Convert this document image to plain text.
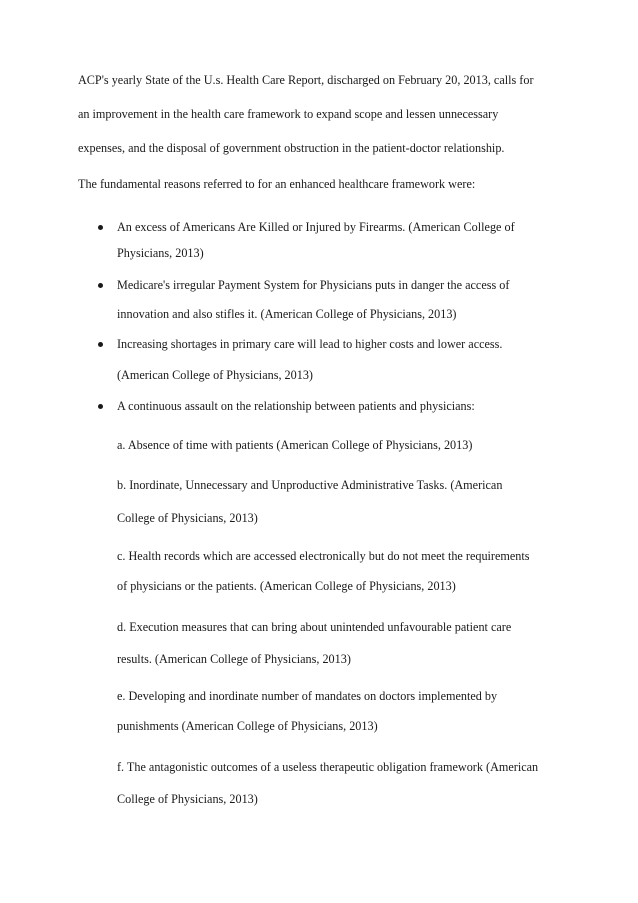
ACP's yearly State of the U.s. Health Care Report, discharged on February 20, 2013, calls for
an improvement in the health care framework to expand scope and lessen unnecessary
expenses, and the disposal of government obstruction in the patient-doctor relationship.
The fundamental reasons referred to for an enhanced healthcare framework were:
An excess of Americans Are Killed or Injured by Firearms. (American College of
Physicians, 2013)
Medicare's irregular Payment System for Physicians puts in danger the access of
innovation and also stifles it. (American College of Physicians, 2013)
Increasing shortages in primary care will lead to higher costs and lower access.
(American College of Physicians, 2013)
A continuous assault on the relationship between patients and physicians:
a. Absence of time with patients (American College of Physicians, 2013)
b. Inordinate, Unnecessary and Unproductive Administrative Tasks. (American
College of Physicians, 2013)
c. Health records which are accessed electronically but do not meet the requirements
of physicians or the patients. (American College of Physicians, 2013)
d. Execution measures that can bring about unintended unfavourable patient care
results. (American College of Physicians, 2013)
e. Developing and inordinate number of mandates on doctors implemented by
punishments (American College of Physicians, 2013)
f. The antagonistic outcomes of a useless therapeutic obligation framework (American
College of Physicians, 2013)
